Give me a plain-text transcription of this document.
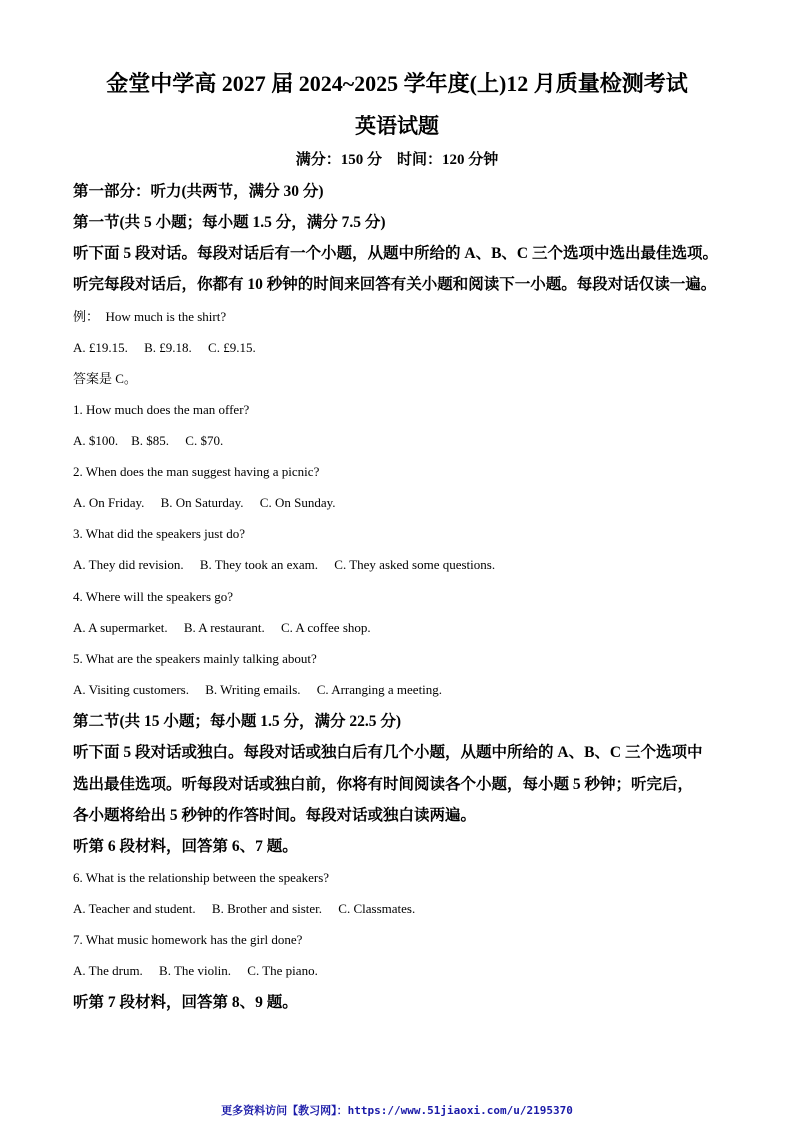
金堂中学高 2027 届 2024~2025 学年度(上)12 月质量检测考试
英语试题
满分：150 分　时间：120 分钟
第一部分：听力(共两节，满分 30 分)
第一节(共 5 小题；每小题 1.5 分，满分 7.5 分)
听下面 5 段对话。每段对话后有一个小题，从题中所给的 A、B、C 三个选项中选出最佳选项。
听完每段对话后，你都有 10 秒钟的时间来回答有关小题和阅读下一小题。每段对话仅读一遍。
例：　How much is the shirt?
A. £19.15.　 B. £9.18.　 C. £9.15.
答案是 C。
1. How much does the man offer?
A. $100.　B. $85.　 C. $70.
2. When does the man suggest having a picnic?
A. On Friday.　 B. On Saturday.　 C. On Sunday.
3. What did the speakers just do?
A. They did revision.　 B. They took an exam.　 C. They asked some questions.
4. Where will the speakers go?
A. A supermarket.　 B. A restaurant.　 C. A coffee shop.
5. What are the speakers mainly talking about?
A. Visiting customers.　 B. Writing emails.　 C. Arranging a meeting.
第二节(共 15 小题；每小题 1.5 分，满分 22.5 分)
听下面 5 段对话或独白。每段对话或独白后有几个小题，从题中所给的 A、B、C 三个选项中
选出最佳选项。听每段对话或独白前，你将有时间阅读各个小题，每小题 5 秒钟；听完后，
各小题将给出 5 秒钟的作答时间。每段对话或独白读两遍。
听第 6 段材料，回答第 6、7 题。
6. What is the relationship between the speakers?
A. Teacher and student.　 B. Brother and sister.　 C. Classmates.
7. What music homework has the girl done?
A. The drum.　 B. The violin.　 C. The piano.
听第 7 段材料，回答第 8、9 题。
更多资料访问【教习网】：https://www.51jiaoxi.com/u/2195370
